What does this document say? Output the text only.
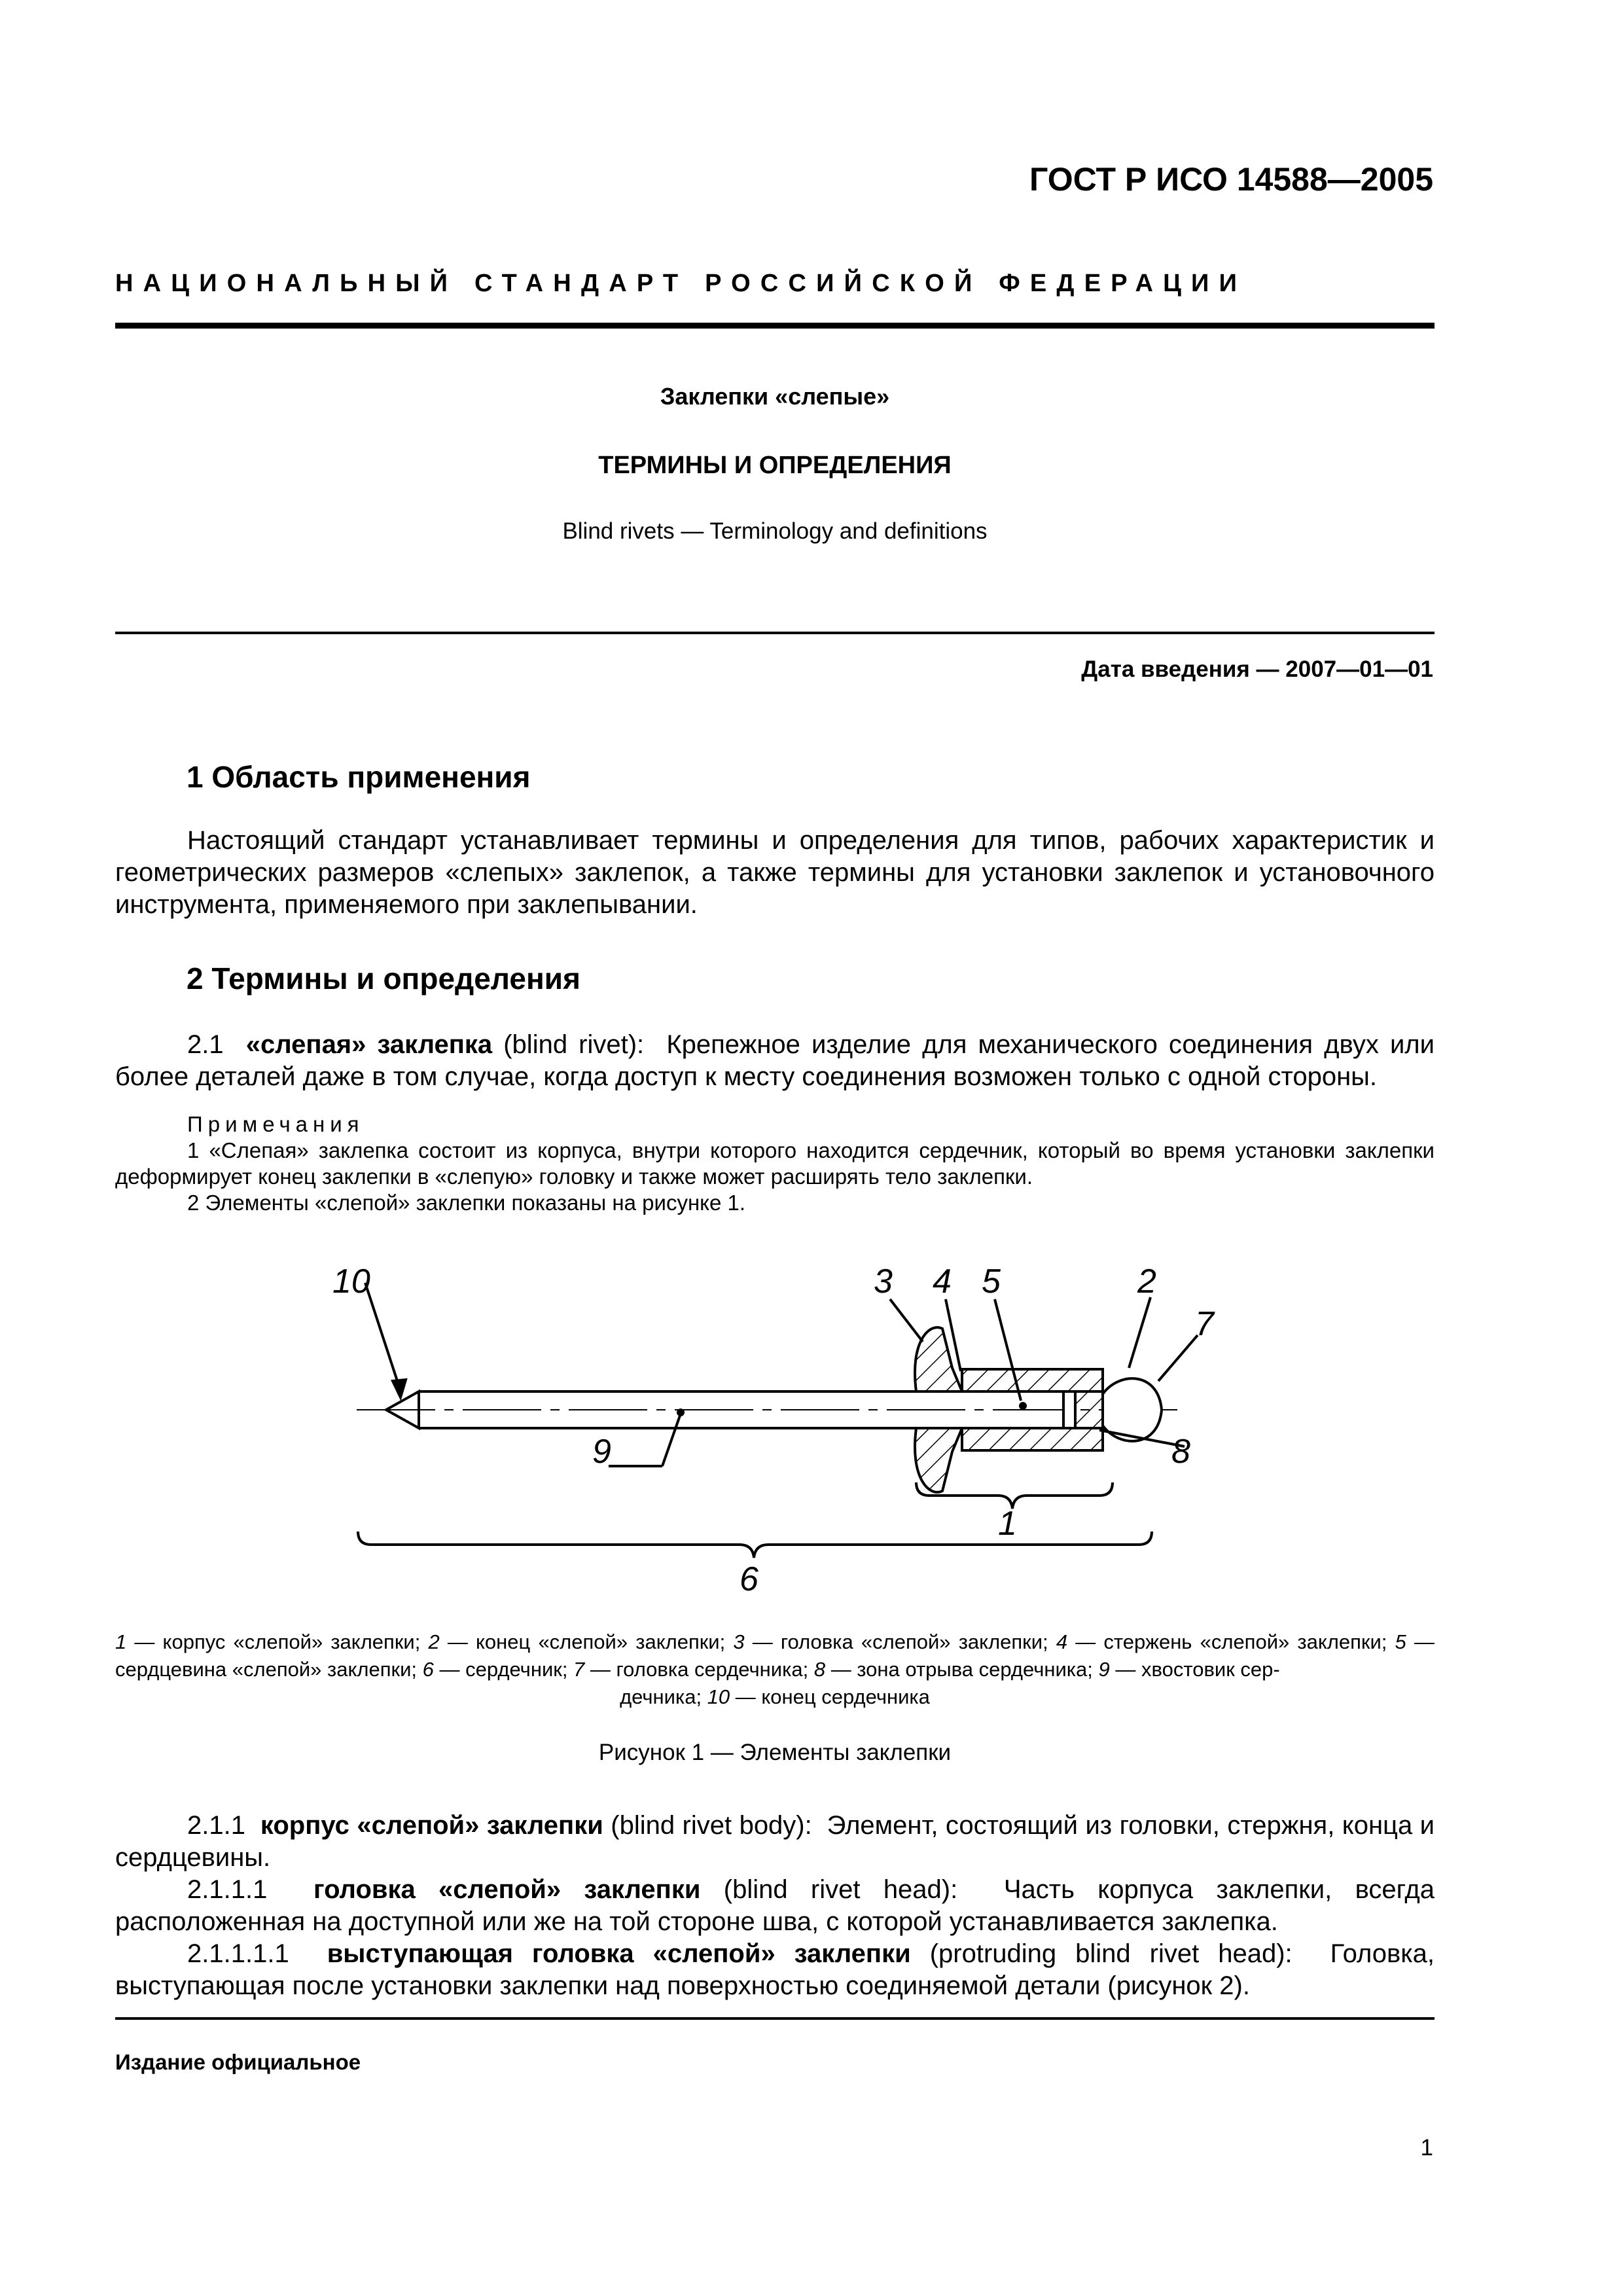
ГОСТ Р ИСО 14588—2005
НАЦИОНАЛЬНЫЙ СТАНДАРТ РОССИЙСКОЙ ФЕДЕРАЦИИ
Заклепки «слепые»
ТЕРМИНЫ И ОПРЕДЕЛЕНИЯ
Blind rivets — Terminology and definitions
Дата введения — 2007—01—01
1 Область применения

Настоящий стандарт устанавливает термины и определения для типов, рабочих характеристик и геометрических размеров «слепых» заклепок, а также термины для установки заклепок и установочного инструмента, применяемого при заклепывании.

2 Термины и определения

2.1 «слепая» заклепка (blind rivet): Крепежное изделие для механического соединения двух или более деталей даже в том случае, когда доступ к месту соединения возможен только с одной стороны.

Примечания

1 «Слепая» заклепка состоит из корпуса, внутри которого находится сердечник, который во время установки заклепки деформирует конец заклепки в «слепую» головку и также может расширять тело заклепки.

2 Элементы «слепой» заклепки показаны на рисунке 1.

10	3 4 5	2
7
8
9
1
6
1 — корпус «слепой» заклепки; 2 — конец «слепой» заклепки; 3 — головка «слепой» заклепки; 4 — стержень «слепой» заклепки; 5 — сердцевина «слепой» заклепки; 6 — сердечник; 7 — головка сердечника; 8 — зона отрыва сердечника; 9 — хвостовик сер-
дечника; 10 — конец сердечника
Рисунок 1 — Элементы заклепки

2.1.1 корпус «слепой» заклепки (blind rivet body): Элемент, состоящий из головки, стержня, конца и сердцевины.

2.1.1.1 головка «слепой» заклепки (blind rivet head): Часть корпуса заклепки, всегда расположенная на доступной или же на той стороне шва, с которой устанавливается заклепка.

2.1.1.1.1 выступающая головка «слепой» заклепки (protruding blind rivet head): Головка, выступающая после установки заклепки над поверхностью соединяемой детали (рисунок 2).

Издание официальное
1
